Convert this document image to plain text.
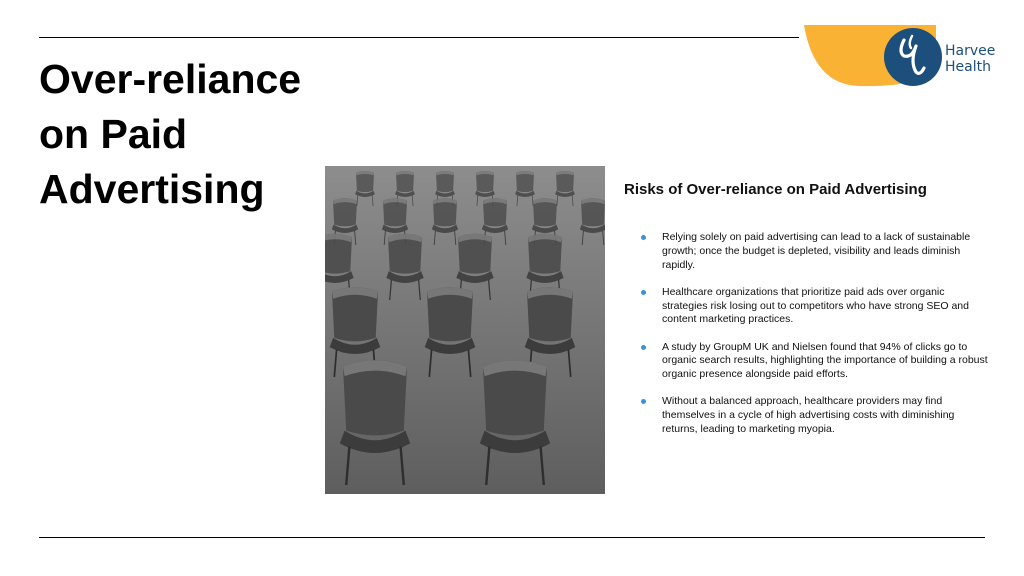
Harvee
Health
Over-reliance on Paid Advertising	Risks of Over-reliance on Paid Advertising
Relying solely on paid advertising can lead to a lack of sustainable growth; once the budget is depleted, visibility and leads diminish rapidly.
Healthcare organizations that prioritize paid ads over organic strategies risk losing out to competitors who have strong SEO and content marketing practices.
A study by GroupM UK and Nielsen found that 94% of clicks go to organic search results, highlighting the importance of building a robust organic presence alongside paid efforts.
Without a balanced approach, healthcare providers may find themselves in a cycle of high advertising costs with diminishing returns, leading to marketing myopia.
